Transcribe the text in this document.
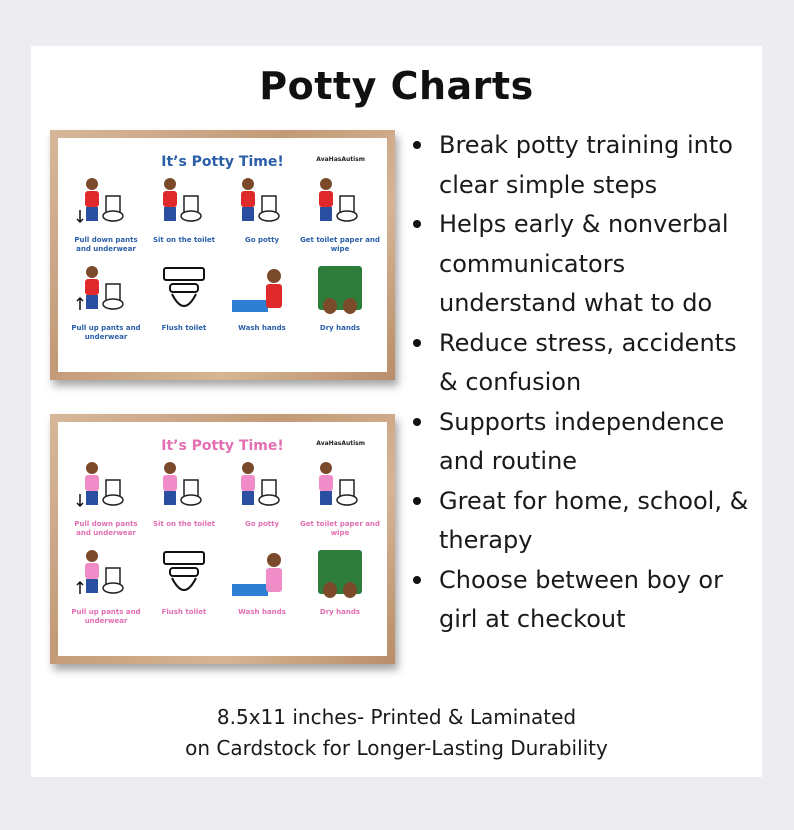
Potty Charts
It’s Potty Time!	AvaHasAutism
Pull down pants and underwear
Sit on the toilet	Go potty	Get toilet paper and wipe
Pull up pants and underwear
Flush toilet	Wash hands	Dry hands
It’s Potty Time!	AvaHasAutism
Pull down pants and underwear
Sit on the toilet	Go potty	Get toilet paper and wipe
Pull up pants and underwear
Flush toilet	Wash hands	Dry hands
Break potty training into clear simple steps
Helps early & nonverbal communicators understand what to do
Reduce stress, accidents & confusion
Supports independence and routine
Great for home, school, & therapy
Choose between boy or girl at checkout
8.5x11 inches- Printed & Laminated
on Cardstock for Longer-Lasting Durability
